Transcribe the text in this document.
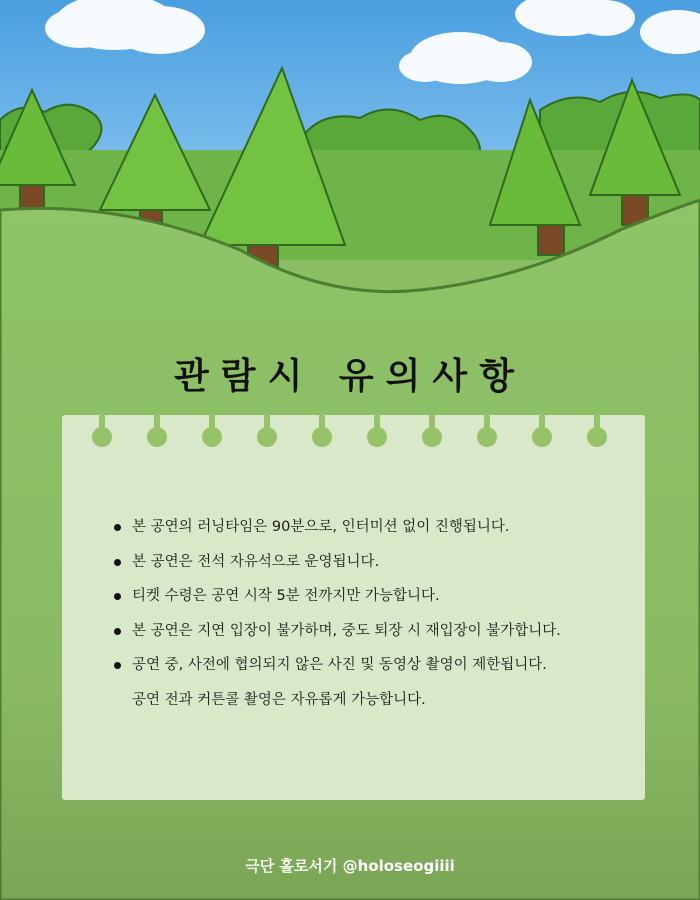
관람시 유의사항
본 공연의 러닝타임은 90분으로, 인터미션 없이 진행됩니다.
본 공연은 전석 자유석으로 운영됩니다.
티켓 수령은 공연 시작 5분 전까지만 가능합니다.
본 공연은 지연 입장이 불가하며, 중도 퇴장 시 재입장이 불가합니다.
공연 중, 사전에 협의되지 않은 사진 및 동영상 촬영이 제한됩니다.
공연 전과 커튼콜 촬영은 자유롭게 가능합니다.
극단 홀로서기 @holoseogiiii
